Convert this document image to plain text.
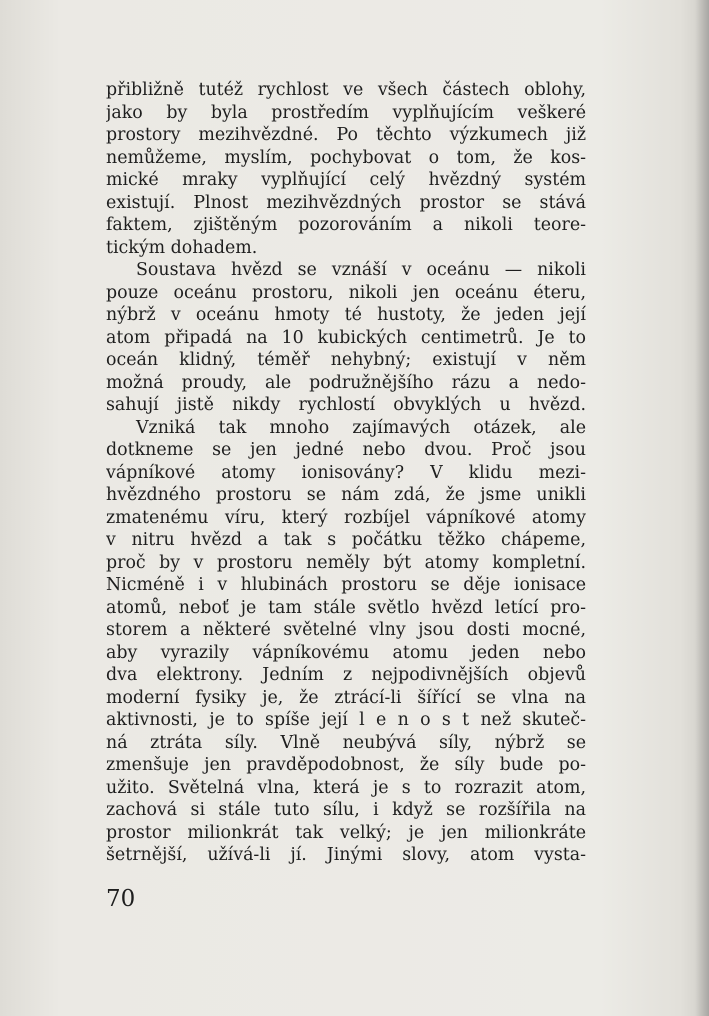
přibližně tutéž rychlost ve všech částech oblohy,
jako by byla prostředím vyplňujícím veškeré
prostory mezihvězdné. Po těchto výzkumech již
nemůžeme, myslím, pochybovat o tom, že kos-
mické mraky vyplňující celý hvězdný systém
existují. Plnost mezihvězdných prostor se stává
faktem, zjištěným pozorováním a nikoli teore-
tickým dohadem.
Soustava hvězd se vznáší v oceánu — nikoli
pouze oceánu prostoru, nikoli jen oceánu éteru,
nýbrž v oceánu hmoty té hustoty, že jeden její
atom připadá na 10 kubických centimetrů. Je to
oceán klidný, téměř nehybný; existují v něm
možná proudy, ale podružnějšího rázu a nedo-
sahují jistě nikdy rychlostí obvyklých u hvězd.
Vzniká tak mnoho zajímavých otázek, ale
dotkneme se jen jedné nebo dvou. Proč jsou
vápníkové atomy ionisovány? V klidu mezi-
hvězdného prostoru se nám zdá, že jsme unikli
zmatenému víru, který rozbíjel vápníkové atomy
v nitru hvězd a tak s počátku těžko chápeme,
proč by v prostoru neměly být atomy kompletní.
Nicméně i v hlubinách prostoru se děje ionisace
atomů, neboť je tam stále světlo hvězd letící pro-
storem a některé světelné vlny jsou dosti mocné,
aby vyrazily vápníkovému atomu jeden nebo
dva elektrony. Jedním z nejpodivnějších objevů
moderní fysiky je, že ztrácí-li šířící se vlna na
aktivnosti, je to spíše její l e n o s t než skuteč-
ná ztráta síly. Vlně neubývá síly, nýbrž se
zmenšuje jen pravděpodobnost, že síly bude po-
užito. Světelná vlna, která je s to rozrazit atom,
zachová si stále tuto sílu, i když se rozšířila na
prostor milionkrát tak velký; je jen milionkráte
šetrnější, užívá-li jí. Jinými slovy, atom vysta-
70
